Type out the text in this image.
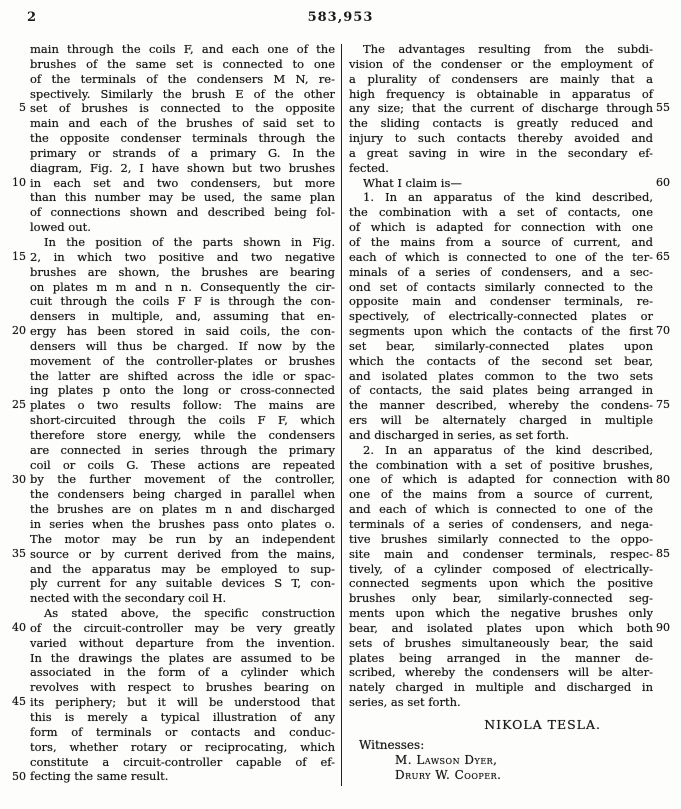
2	583,953
5
10
15
20
25
30
35
40
45
50
main through the coils F, and each one of the
brushes of the same set is connected to one
of the terminals of the condensers M N, re-
spectively. Similarly the brush E of the other
set of brushes is connected to the opposite
main and each of the brushes of said set to
the opposite condenser terminals through the
primary or strands of a primary G. In the
diagram, Fig. 2, I have shown but two brushes
in each set and two condensers, but more
than this number may be used, the same plan
of connections shown and described being fol-
lowed out.
In the position of the parts shown in Fig.
2, in which two positive and two negative
brushes are shown, the brushes are bearing
on plates m m and n n. Consequently the cir-
cuit through the coils F F is through the con-
densers in multiple, and, assuming that en-
ergy has been stored in said coils, the con-
densers will thus be charged. If now by the
movement of the controller-plates or brushes
the latter are shifted across the idle or spac-
ing plates p onto the long or cross-connected
plates o two results follow: The mains are
short-circuited through the coils F F, which
therefore store energy, while the condensers
are connected in series through the primary
coil or coils G. These actions are repeated
by the further movement of the controller,
the condensers being charged in parallel when
the brushes are on plates m n and discharged
in series when the brushes pass onto plates o.
The motor may be run by an independent
source or by current derived from the mains,
and the apparatus may be employed to sup-
ply current for any suitable devices S T, con-
nected with the secondary coil H.
As stated above, the specific construction
of the circuit-controller may be very greatly
varied without departure from the invention.
In the drawings the plates are assumed to be
associated in the form of a cylinder which
revolves with respect to brushes bearing on
its periphery; but it will be understood that
this is merely a typical illustration of any
form of terminals or contacts and conduc-
tors, whether rotary or reciprocating, which
constitute a circuit-controller capable of ef-
fecting the same result.
The advantages resulting from the subdi-
vision of the condenser or the employment of
a plurality of condensers are mainly that a
high frequency is obtainable in apparatus of
any size; that the current of discharge through
the sliding contacts is greatly reduced and
injury to such contacts thereby avoided and
a great saving in wire in the secondary ef-
fected.
What I claim is—
1. In an apparatus of the kind described,
the combination with a set of contacts, one
of which is adapted for connection with one
of the mains from a source of current, and
each of which is connected to one of the ter-
minals of a series of condensers, and a sec-
ond set of contacts similarly connected to the
opposite main and condenser terminals, re-
spectively, of electrically-connected plates or
segments upon which the contacts of the first
set bear, similarly-connected plates upon
which the contacts of the second set bear,
and isolated plates common to the two sets
of contacts, the said plates being arranged in
the manner described, whereby the condens-
ers will be alternately charged in multiple
and discharged in series, as set forth.
2. In an apparatus of the kind described,
the combination with a set of positive brushes,
one of which is adapted for connection with
one of the mains from a source of current,
and each of which is connected to one of the
terminals of a series of condensers, and nega-
tive brushes similarly connected to the oppo-
site main and condenser terminals, respec-
tively, of a cylinder composed of electrically-
connected segments upon which the positive
brushes only bear, similarly-connected seg-
ments upon which the negative brushes only
bear, and isolated plates upon which both
sets of brushes simultaneously bear, the said
plates being arranged in the manner de-
scribed, whereby the condensers will be alter-
nately charged in multiple and discharged in
series, as set forth.
NIKOLA TESLA.
Witnesses:
M. Lawson Dyer,
Drury W. Cooper.
55
60
65
70
75
80
85
90
